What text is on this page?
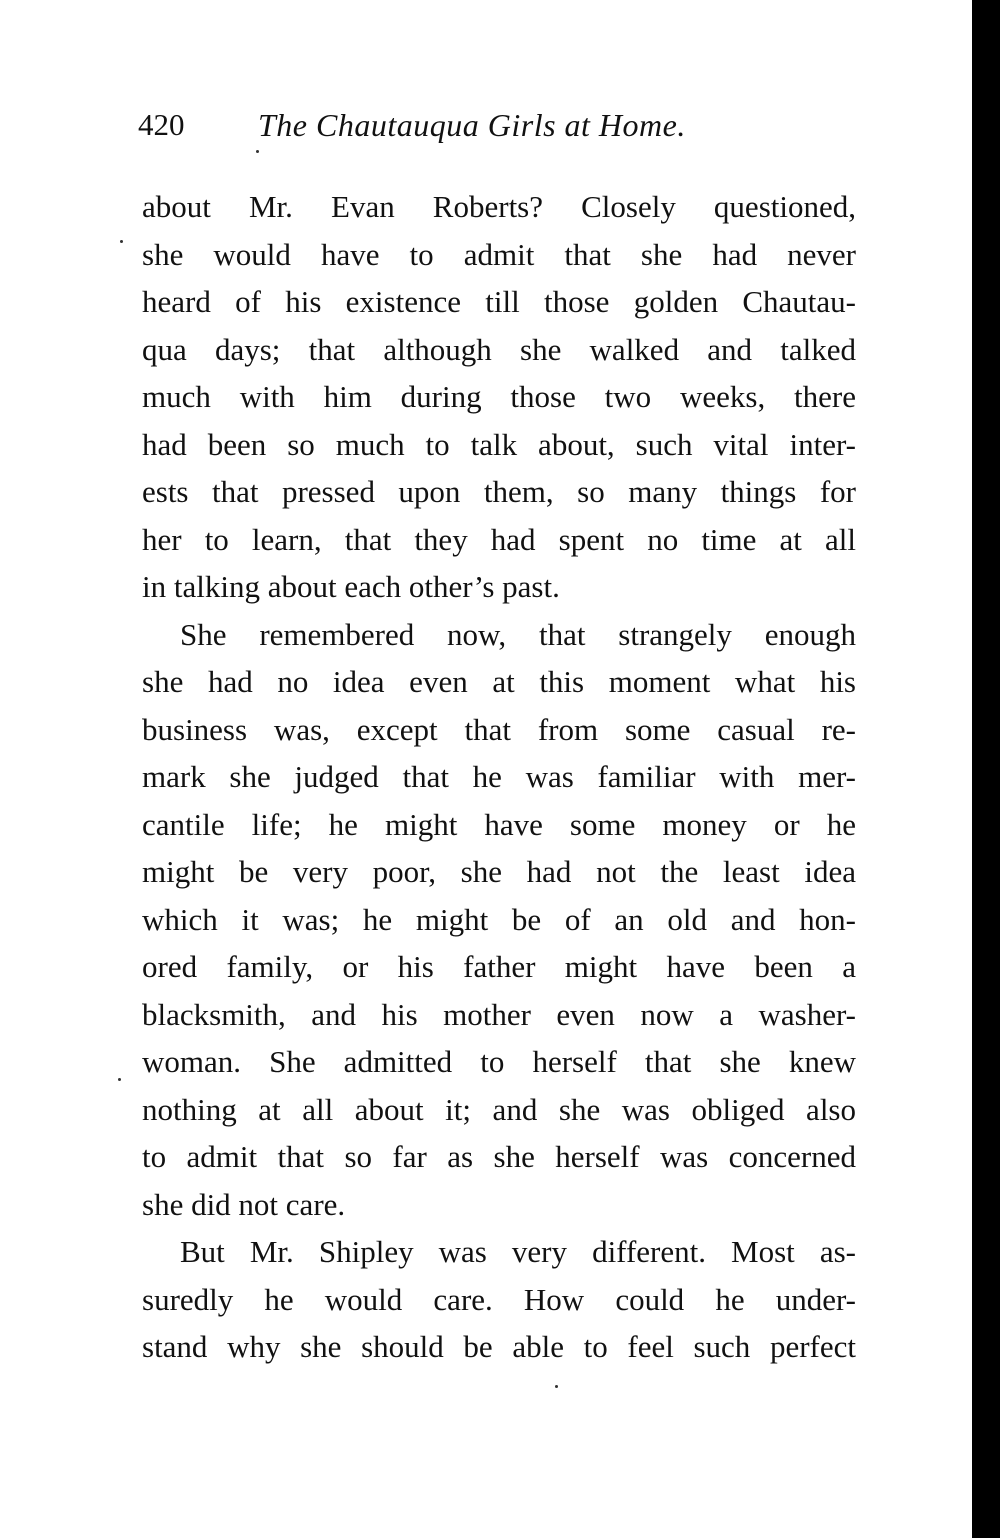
420 The Chautauqua Girls at Home.
about Mr. Evan Roberts? Closely questioned,
she would have to admit that she had never
heard of his existence till those golden Chautau-
qua days; that although she walked and talked
much with him during those two weeks, there
had been so much to talk about, such vital inter-
ests that pressed upon them, so many things for
her to learn, that they had spent no time at all
in talking about each other’s past.
She remembered now, that strangely enough
she had no idea even at this moment what his
business was, except that from some casual re-
mark she judged that he was familiar with mer-
cantile life; he might have some money or he
might be very poor, she had not the least idea
which it was; he might be of an old and hon-
ored family, or his father might have been a
blacksmith, and his mother even now a washer-
woman. She admitted to herself that she knew
nothing at all about it; and she was obliged also
to admit that so far as she herself was concerned
she did not care.
But Mr. Shipley was very different. Most as-
suredly he would care. How could he under-
stand why she should be able to feel such perfect
